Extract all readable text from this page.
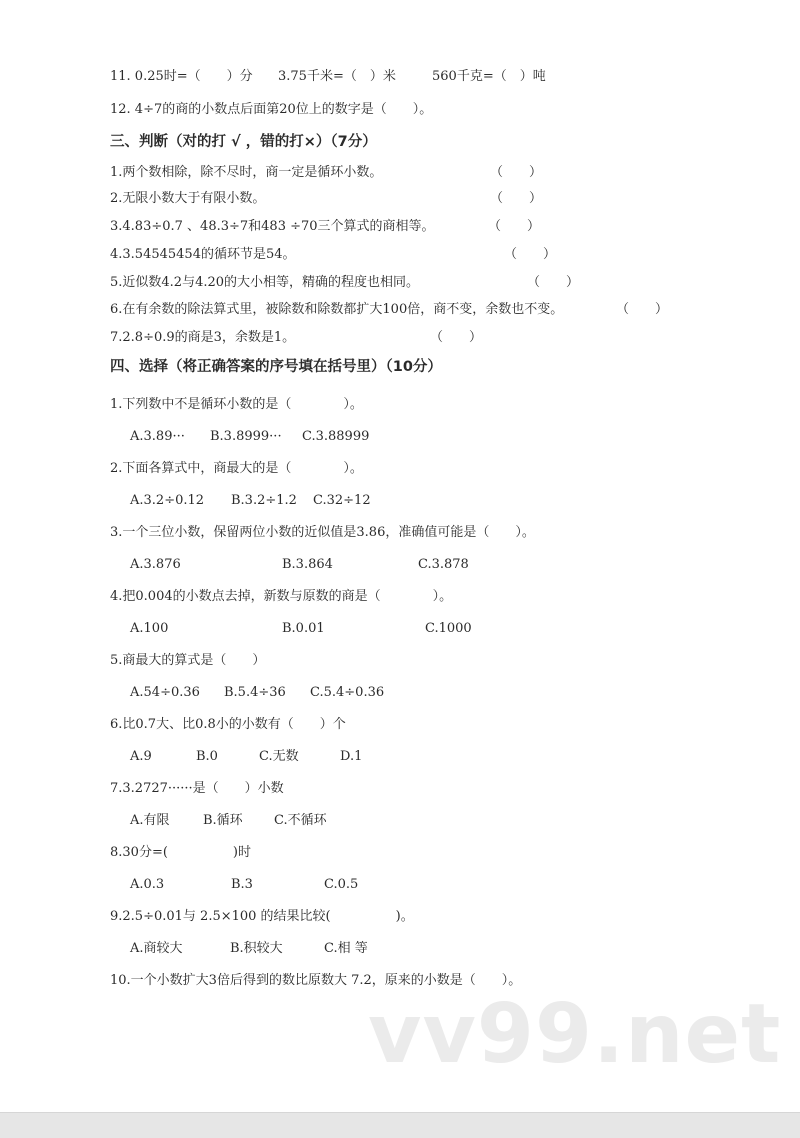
11. 0.25时=（　　）分 3.75千米=（　）米	560千克=（　）吨
12. 4÷7的商的小数点后面第20位上的数字是（　　）。
三、判断（对的打 √ ，错的打×）（7分）
1.两个数相除，除不尽时，商一定是循环小数。	（　　）
2.无限小数大于有限小数。	（　　）
3.4.83÷0.7 、48.3÷7和483 ÷70三个算式的商相等。	（　　）
4.3.54545454的循环节是54。	（　　）
5.近似数4.2与4.20的大小相等，精确的程度也相同。	（　　）
6.在有余数的除法算式里，被除数和除数都扩大100倍，商不变，余数也不变。	（　　）
7.2.8÷0.9的商是3，余数是1。	（　　）
四、选择（将正确答案的序号填在括号里）（10分）
1.下列数中不是循环小数的是（　　　　）。
A.3.89··· B.3.8999··· C.3.88999
2.下面各算式中，商最大的是（　　　　）。
A.3.2÷0.12 B.3.2÷1.2 C.32÷12
3.一个三位小数，保留两位小数的近似值是3.86，准确值可能是（　　）。
A.3.876	B.3.864	C.3.878
4.把0.004的小数点去掉，新数与原数的商是（　　　　）。
A.100	B.0.01	C.1000
5.商最大的算式是（　　）
A.54÷0.36 B.5.4÷36 C.5.4÷0.36
6.比0.7大、比0.8小的小数有（　　）个
A.9	B.0	C.无数	D.1
7.3.2727······是（　　）小数
A.有限	B.循环 C.不循环
8.30分=(　　　　　)时
A.0.3	B.3	C.0.5
9.2.5÷0.01与 2.5×100 的结果比较(　　　　　)。
A.商较大	B.积较大	C.相 等
10.一个小数扩大3倍后得到的数比原数大 7.2，原来的小数是（　　）。
vv99.net
